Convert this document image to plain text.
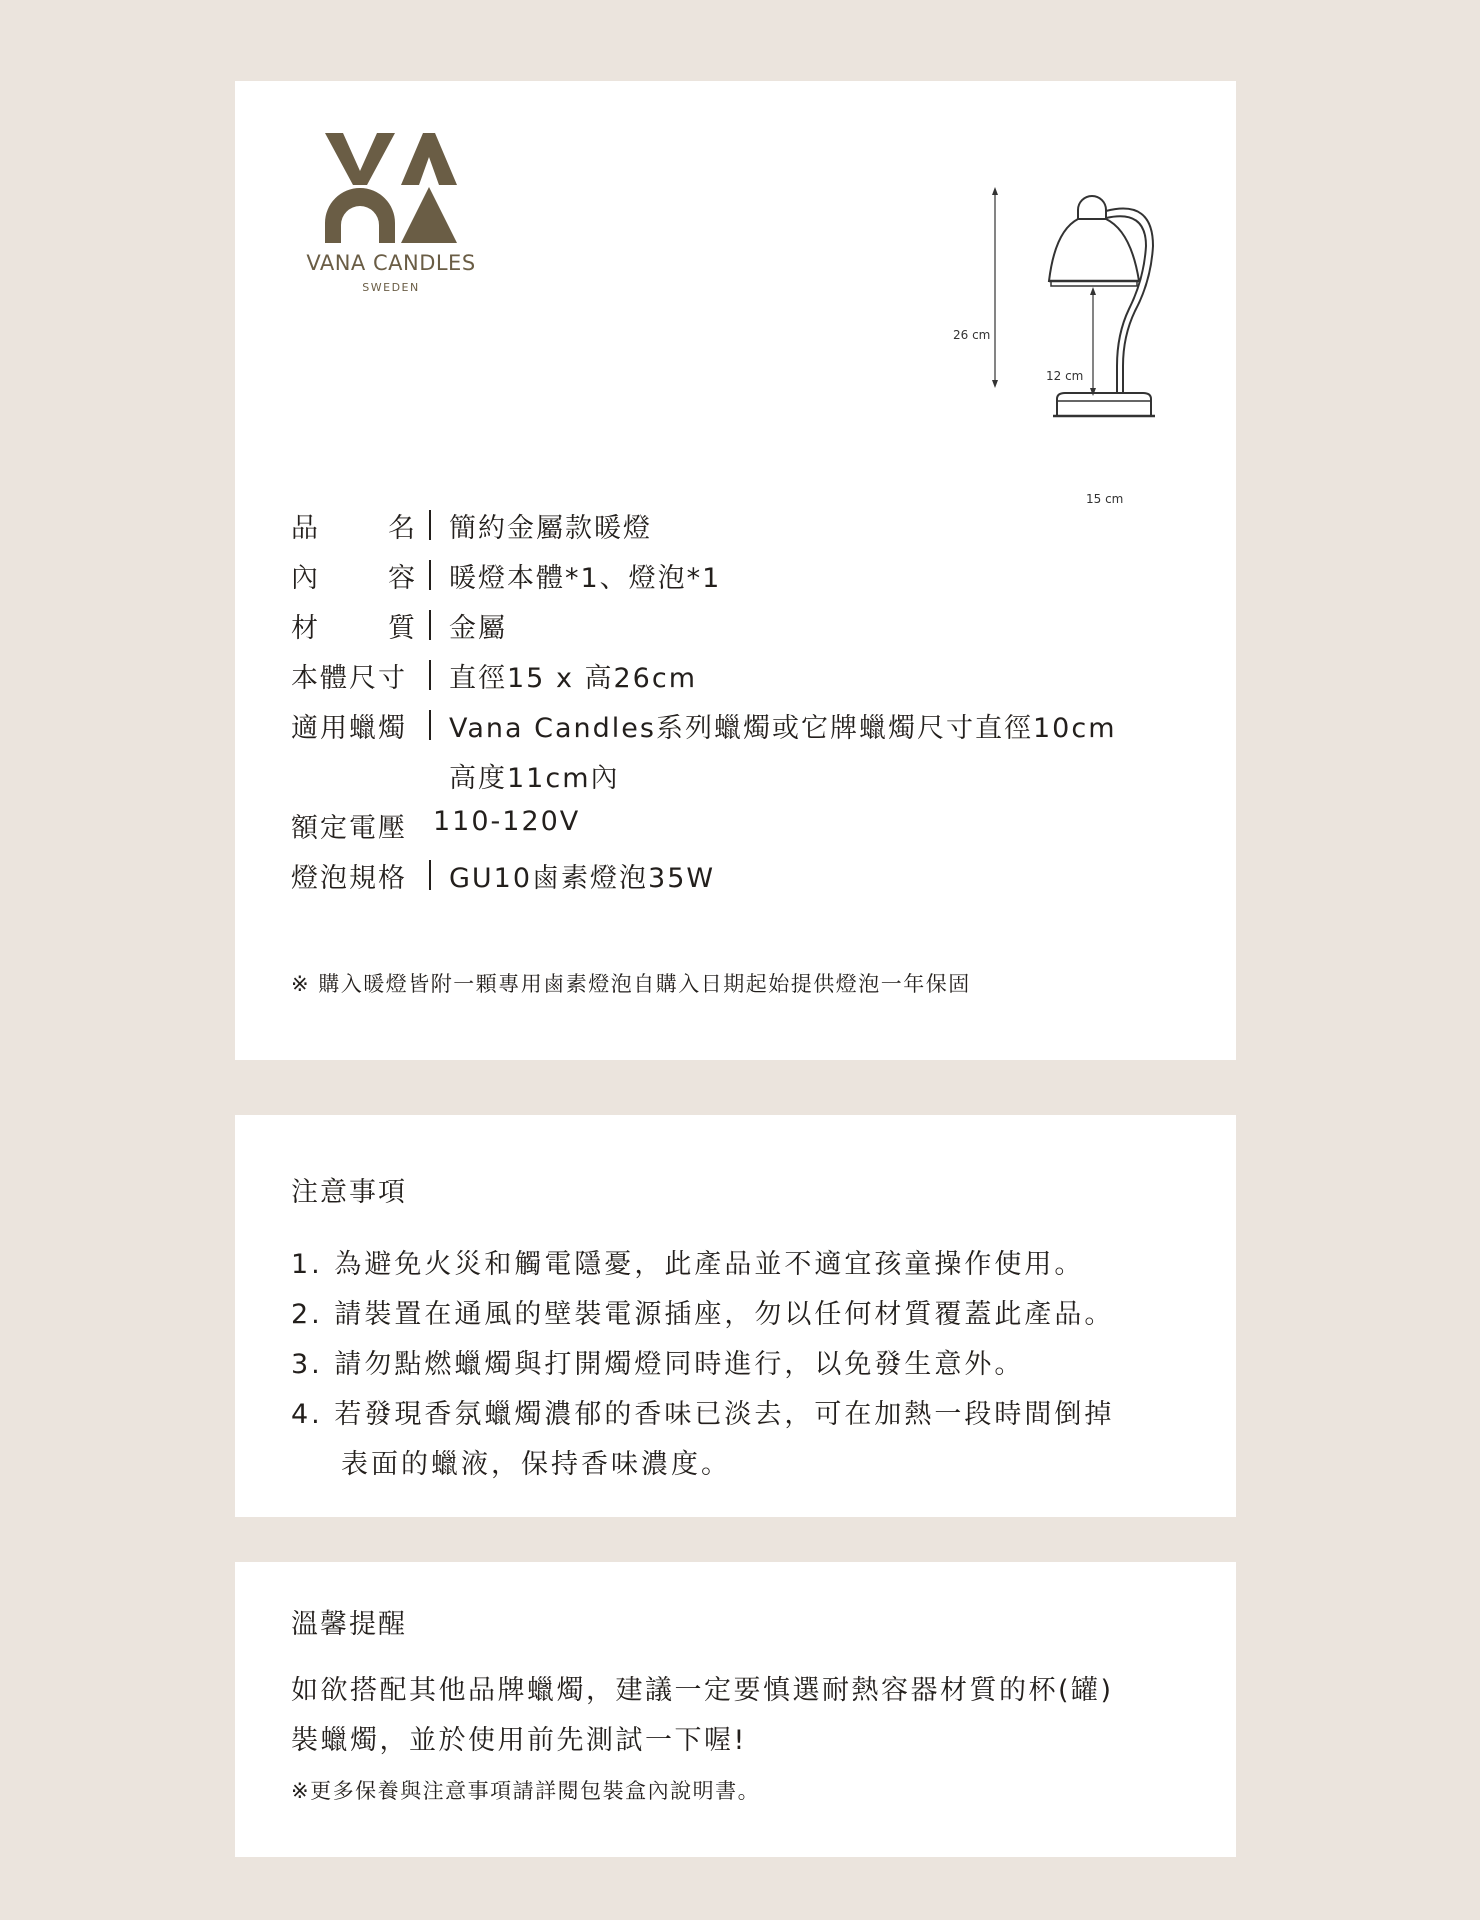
VANA CANDLES
SWEDEN
26 cm
12 cm
15 cm
品	名 簡約金屬款暖燈
內	容 暖燈本體*1、燈泡*1
材	質 金屬
本體尺寸	直徑15 x 高26cm
適用蠟燭	Vana Candles系列蠟燭或它牌蠟燭尺寸直徑10cm
高度11cm內
額定電壓 110-120V
燈泡規格	GU10鹵素燈泡35W
※ 購入暖燈皆附一顆專用鹵素燈泡自購入日期起始提供燈泡一年保固
注意事項
1. 為避免火災和觸電隱憂，此產品並不適宜孩童操作使用。
2. 請裝置在通風的壁裝電源插座，勿以任何材質覆蓋此產品。
3. 請勿點燃蠟燭與打開燭燈同時進行，以免發生意外。
4. 若發現香氛蠟燭濃郁的香味已淡去，可在加熱一段時間倒掉
表面的蠟液，保持香味濃度。
溫馨提醒
如欲搭配其他品牌蠟燭，建議一定要慎選耐熱容器材質的杯(罐)
裝蠟燭，並於使用前先測試一下喔!
※更多保養與注意事項請詳閱包裝盒內說明書。
